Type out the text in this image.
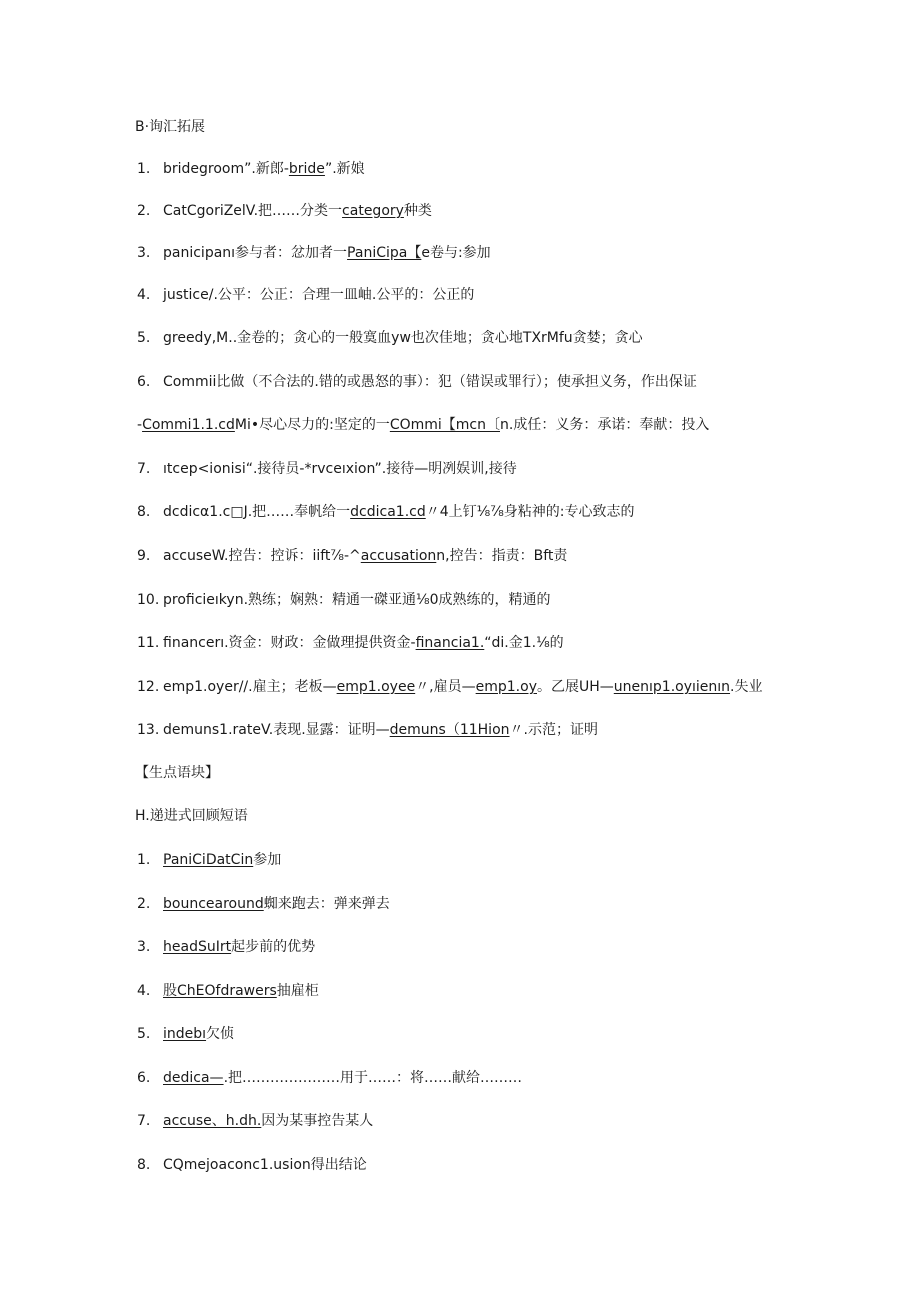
B·询汇拓展
1. bridegroom”.新郎-bride”.新娘
2. CatCgoriZelV.把……分类一category种类
3. panicipanı参与者：忿加者一PaniCipa【e卷与:参加
4. justice/.公平：公正：合理一皿岫.公平的：公正的
5. greedy,M..金卷的；贪心的一般寞血yw也次佳地；贪心地TXrMfu贪婪；贪心
6. Commii比做（不合法的.错的或愚怒的事）：犯（错误或罪行）；使承担义务，作出保证
-Commi1.1.cdMi•尽心尽力的:坚定的一COmmi【mcn〔n.成任：义务：承诺：奉献：投入
7. ıtcep<ionisi“.接待员-*rvceıxion”.接待—明冽娱训,接待
8. dcdicα1.c□J.把……奉帆给一dcdica1.cd〃4上钉⅛⅞身粘神的:专心致志的
9. accuseW.控告：控诉：iift⅞-^accusationn,控告：指责：Bft责
10. proficieıkyn.熟练；娴熟：精通一磔亚通⅛0成熟练的，精通的
11. financerı.资金：财政：金做理提供资金-financia1.“di.金1.⅛的
12. emp1.oyer//.雇主；老板—emp1.oyee〃,雇员—emp1.oy。乙展UH—unenıp1.oyıienın.失业
13. demuns1.rateV.表现.显露：证明—demuns（11Hion〃.示范；证明
【生点语块】
H.递进式回顾短语
1. PaniCiDatCin参加
2. bouncearound蜘来跑去：弹来弹去
3. headSuIrt起步前的优势
4. 股ChEOfdrawers抽雇柜
5. indebı欠侦
6. dedica—.把…………………用于……：将……献给………
7. accuse、h.dh.因为某事控告某人
8. CQmejoaconc1.usion得出结论
